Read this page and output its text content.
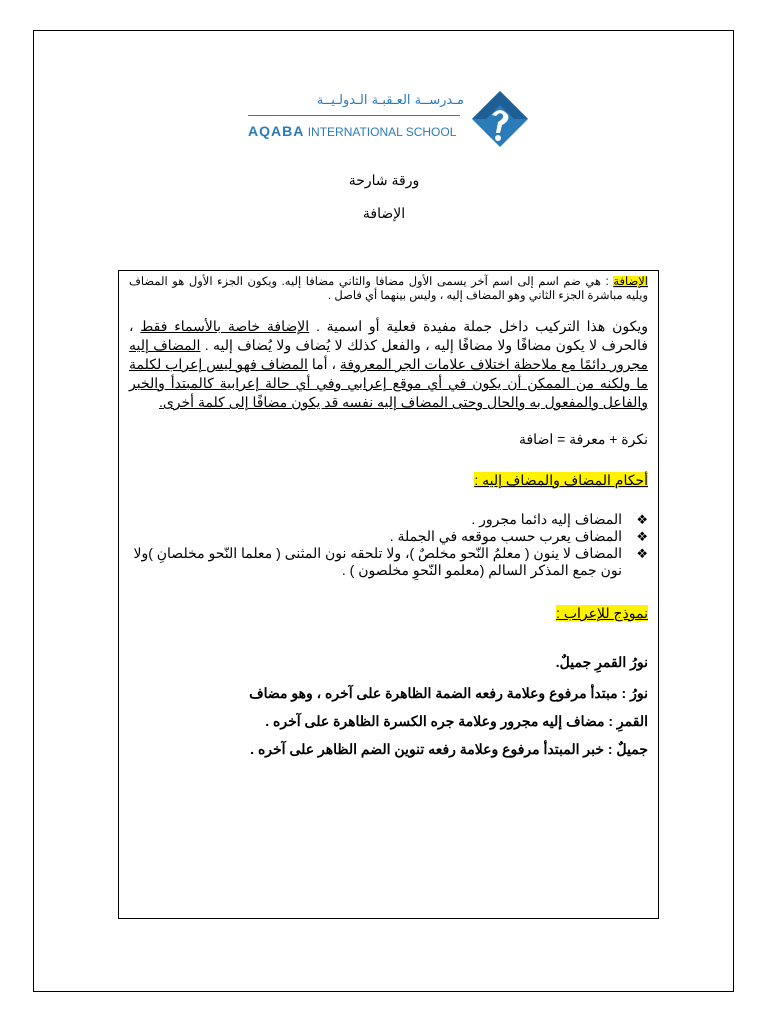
مـدرســة العـقبـة الـدولـيــة
AQABA INTERNATIONAL SCHOOL
ورقة شارحة
الإضافة

الإضافة : هي ضم اسم إلى اسم آخر يسمى الأول مضافا والثاني مضافا إليه. ويكون الجزء الأول هو المضاف ويليه مباشرة الجزء الثاني وهو المضاف إليه ، وليس بينهما أي فاصل .

ويكون هذا التركيب داخل جملة مفيدة فعلية أو اسمية . الإضافة خاصة بالأسماء فقط ، فالحرف لا يكون مضافًا ولا مضافًا إليه ، والفعل كذلك لا يُضاف ولا يُضاف إليه . المضاف إليه مجرور دائمًا مع ملاحظة اختلاف علامات الجر المعروفة ، أما المضاف فهو ليس إعراب لكلمة ما ولكنه من الممكن أن يكون في أي موقع إعرابي وفي أي حالة إعرابية كالمبتدأ والخبر والفاعل والمفعول به والحال وحتى المضاف إليه نفسه قد يكون مضافًا إلى كلمة أخرى.

نكرة + معرفة = اضافة

أحكام المضاف والمضاف إليه :

❖
المضاف إليه دائما مجرور .
❖
المضاف يعرب حسب موقعه في الجملة .
❖
المضاف لا ينون ( معلمُ النّحو مخلصٌ )، ولا تلحقه نون المثنى ( معلما النّحو مخلصانِ )ولا نون جمع المذكر السالم (معلمو النّحوِ مخلصون ) .

نموذج للإعراب :

نورُ القمرِ جميلٌ.

نورُ : مبتدأ مرفوع وعلامة رفعه الضمة الظاهرة على آخره ، وهو مضاف

القمرِ : مضاف إليه مجرور وعلامة جره الكسرة الظاهرة على آخره .

جميلٌ : خبر المبتدأ مرفوع وعلامة رفعه تنوين الضم الظاهر على آخره .
